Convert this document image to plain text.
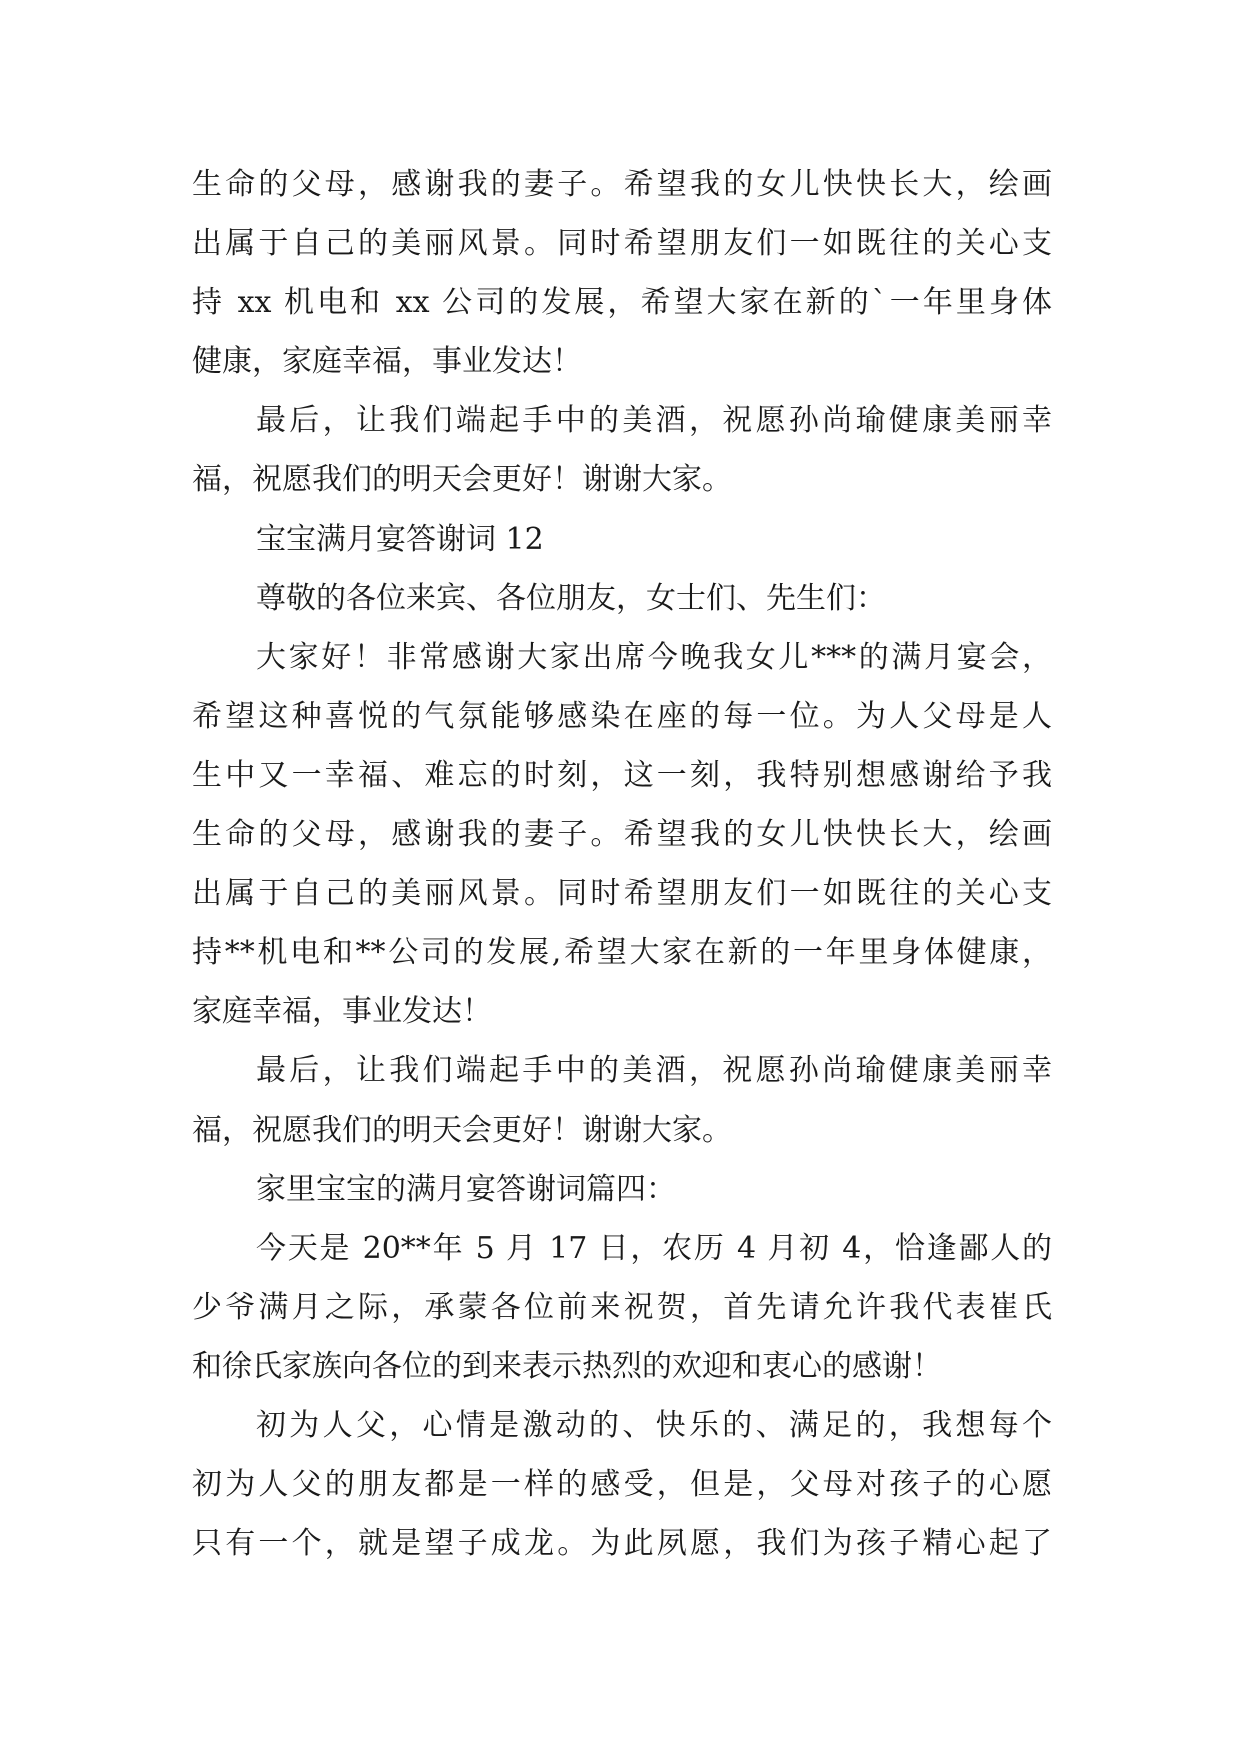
生命的父母，感谢我的妻子。希望我的女儿快快长大，绘画
出属于自己的美丽风景。同时希望朋友们一如既往的关心支
持 xx 机电和 xx 公司的发展，希望大家在新的`一年里身体
健康，家庭幸福，事业发达！
最后，让我们端起手中的美酒，祝愿孙尚瑜健康美丽幸
福，祝愿我们的明天会更好！谢谢大家。
宝宝满月宴答谢词 12
尊敬的各位来宾、各位朋友，女士们、先生们：
大家好！非常感谢大家出席今晚我女儿***的满月宴会，
希望这种喜悦的气氛能够感染在座的每一位。为人父母是人
生中又一幸福、难忘的时刻，这一刻，我特别想感谢给予我
生命的父母，感谢我的妻子。希望我的女儿快快长大，绘画
出属于自己的美丽风景。同时希望朋友们一如既往的关心支
持**机电和**公司的发展,希望大家在新的一年里身体健康，
家庭幸福，事业发达！
最后，让我们端起手中的美酒，祝愿孙尚瑜健康美丽幸
福，祝愿我们的明天会更好！谢谢大家。
家里宝宝的满月宴答谢词篇四：
今天是 20**年 5 月 17 日，农历 4 月初 4，恰逢鄙人的
少爷满月之际，承蒙各位前来祝贺，首先请允许我代表崔氏
和徐氏家族向各位的到来表示热烈的欢迎和衷心的感谢！
初为人父，心情是激动的、快乐的、满足的，我想每个
初为人父的朋友都是一样的感受，但是，父母对孩子的心愿
只有一个，就是望子成龙。为此夙愿，我们为孩子精心起了
